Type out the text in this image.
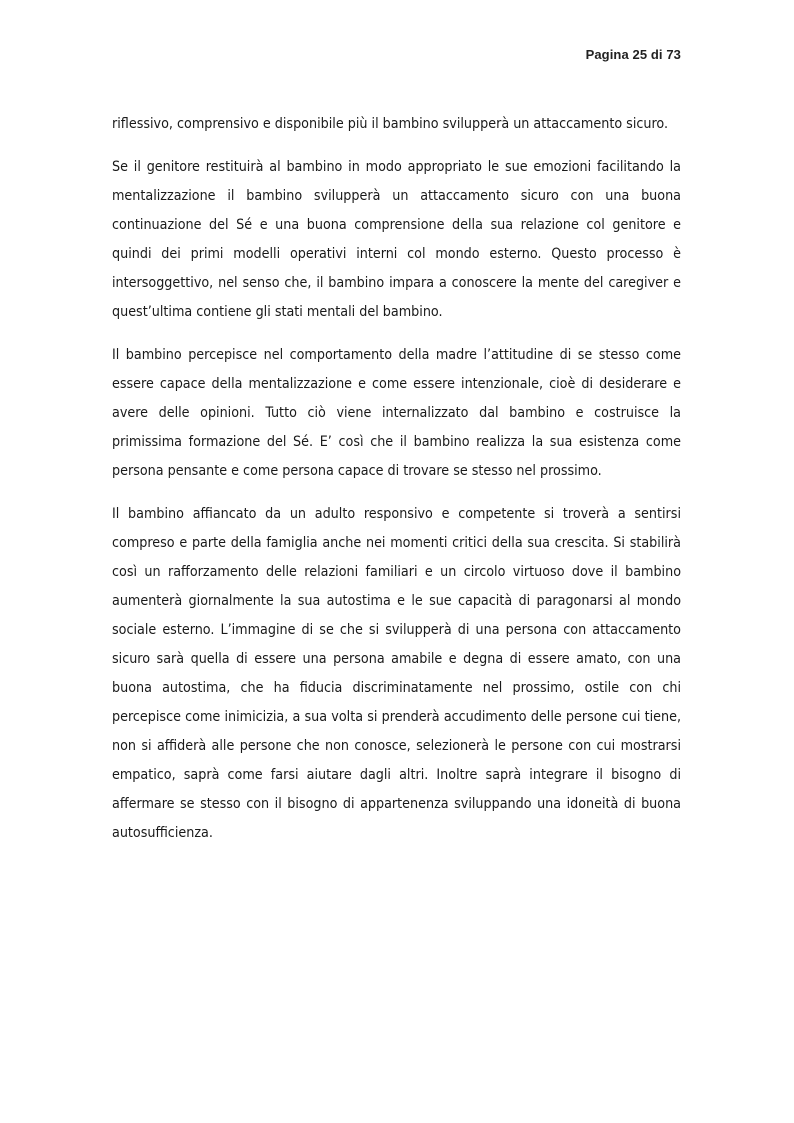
Pagina 25 di 73

riflessivo, comprensivo e disponibile più il bambino svilupperà un attaccamento sicuro.

Se il genitore restituirà al bambino in modo appropriato le sue emozioni facilitando la mentalizzazione il bambino svilupperà un attaccamento sicuro con una buona continuazione del Sé e una buona comprensione della sua relazione col genitore e quindi dei primi modelli operativi interni col mondo esterno. Questo processo è intersoggettivo, nel senso che, il bambino impara a conoscere la mente del caregiver e quest’ultima contiene gli stati mentali del bambino.

Il bambino percepisce nel comportamento della madre l’attitudine di se stesso come essere capace della mentalizzazione e come essere intenzionale, cioè di desiderare e avere delle opinioni. Tutto ciò viene internalizzato dal bambino e costruisce la primissima formazione del Sé. E’ così che il bambino realizza la sua esistenza come persona pensante e come persona capace di trovare se stesso nel prossimo.

Il bambino affiancato da un adulto responsivo e competente si troverà a sentirsi compreso e parte della famiglia anche nei momenti critici della sua crescita. Si stabilirà così un rafforzamento delle relazioni familiari e un circolo virtuoso dove il bambino aumenterà giornalmente la sua autostima e le sue capacità di paragonarsi al mondo sociale esterno. L’immagine di se che si svilupperà di una persona con attaccamento sicuro sarà quella di essere una persona amabile e degna di essere amato, con una buona autostima, che ha fiducia discriminatamente nel prossimo, ostile con chi percepisce come inimicizia, a sua volta si prenderà accudimento delle persone cui tiene, non si affiderà alle persone che non conosce, selezionerà le persone con cui mostrarsi empatico, saprà come farsi aiutare dagli altri. Inoltre saprà integrare il bisogno di affermare se stesso con il bisogno di appartenenza sviluppando una idoneità di buona autosufficienza.
